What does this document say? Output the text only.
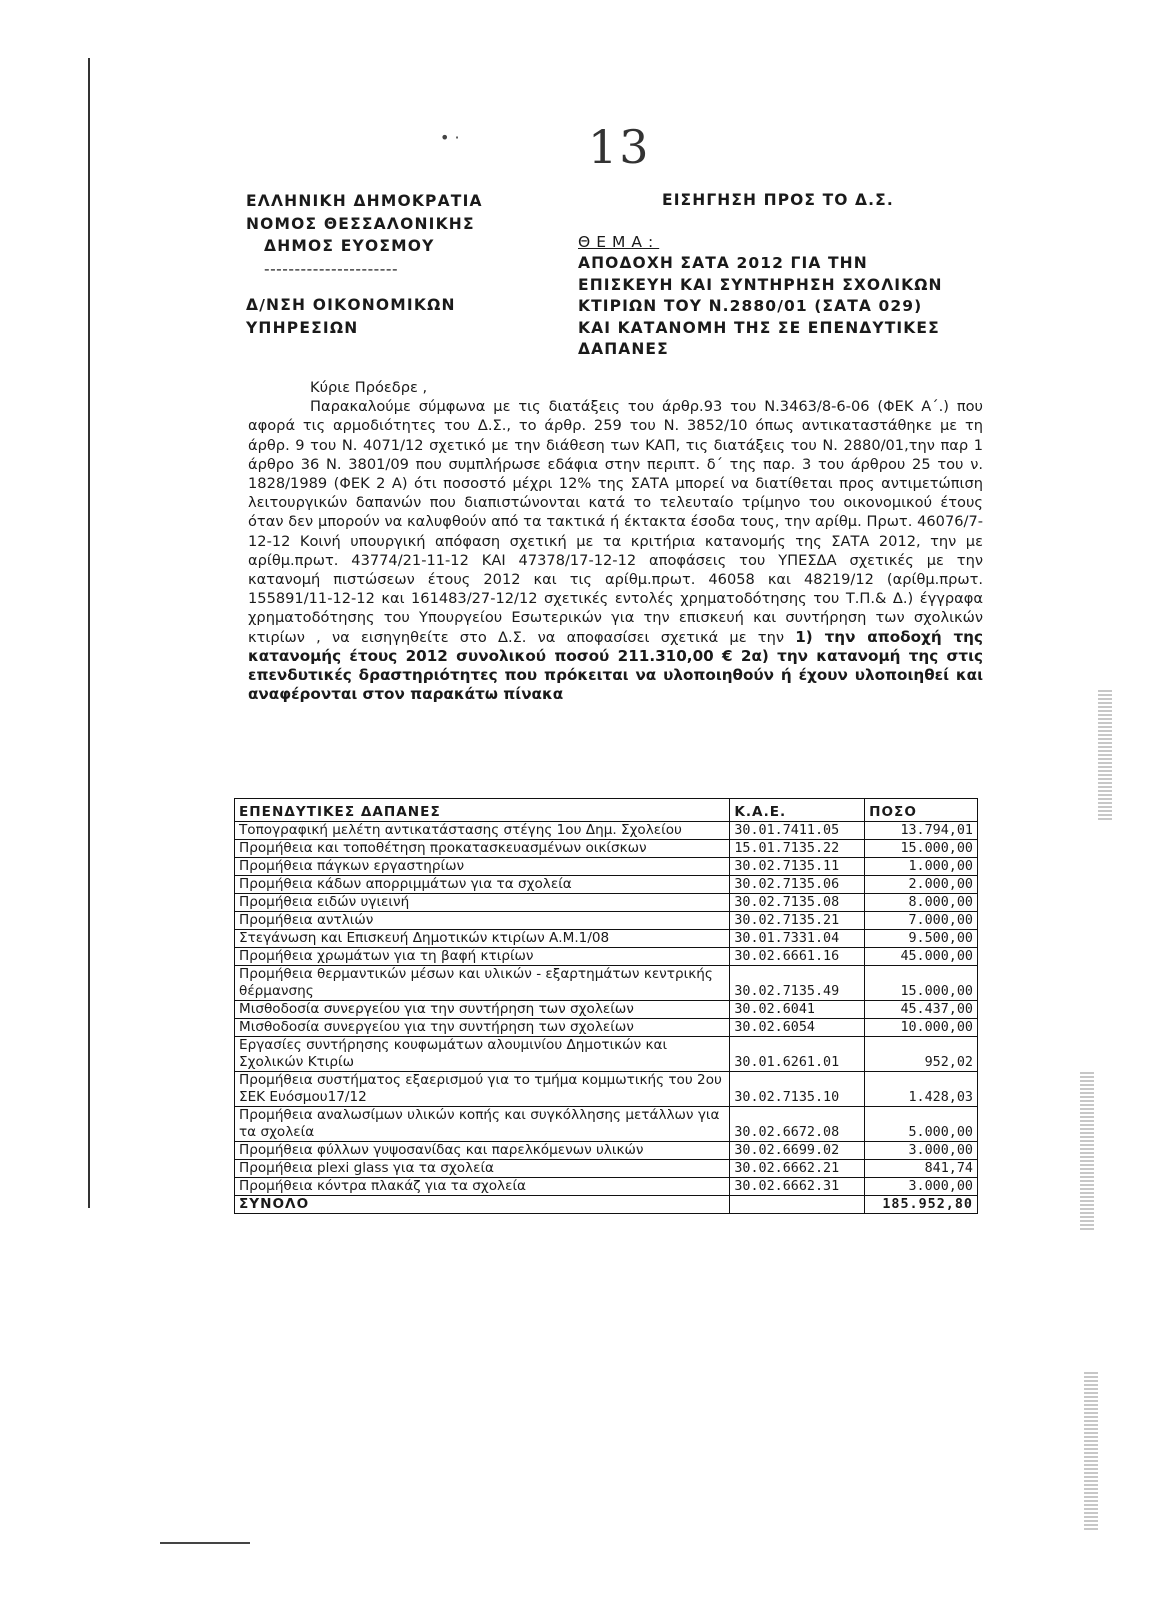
• ·	13
ΕΛΛΗΝΙΚΗ ΔΗΜΟΚΡΑΤΙΑ
ΝΟΜΟΣ ΘΕΣΣΑΛΟΝΙΚΗΣ
ΔΗΜΟΣ ΕΥΟΣΜΟΥ
----------------------
Δ/ΝΣΗ ΟΙΚΟΝΟΜΙΚΩΝ
ΥΠΗΡΕΣΙΩΝ
ΕΙΣΗΓΗΣΗ ΠΡΟΣ ΤΟ Δ.Σ.
ΘΕΜΑ:
ΑΠΟΔΟΧΗ ΣΑΤΑ 2012 ΓΙΑ ΤΗΝ
ΕΠΙΣΚΕΥΗ ΚΑΙ ΣΥΝΤΗΡΗΣΗ ΣΧΟΛΙΚΩΝ
ΚΤΙΡΙΩΝ ΤΟΥ Ν.2880/01 (ΣΑΤΑ 029)
ΚΑΙ ΚΑΤΑΝΟΜΗ ΤΗΣ ΣΕ ΕΠΕΝΔΥΤΙΚΕΣ
ΔΑΠΑΝΕΣ
Κύριε Πρόεδρε ,

Παρακαλούμε σύμφωνα με τις διατάξεις του άρθρ.93 του Ν.3463/8-6-06 (ΦΕΚ Α΄.) που αφορά τις αρμοδιότητες του Δ.Σ., το άρθρ. 259 του Ν. 3852/10 όπως αντικαταστάθηκε με τη άρθρ. 9 του Ν. 4071/12 σχετικό με την διάθεση των ΚΑΠ, τις διατάξεις του Ν. 2880/01,την παρ 1 άρθρο 36 Ν. 3801/09 που συμπλήρωσε εδάφια στην περιπτ. δ΄ της παρ. 3 του άρθρου 25 του ν. 1828/1989 (ΦΕΚ 2 Α) ότι ποσοστό μέχρι 12% της ΣΑΤΑ μπορεί να διατίθεται προς αντιμετώπιση λειτουργικών δαπανών που διαπιστώνονται κατά το τελευταίο τρίμηνο του οικονομικού έτους όταν δεν μπορούν να καλυφθούν από τα τακτικά ή έκτακτα έσοδα τους, την αρίθμ. Πρωτ. 46076/7-12-12 Κοινή υπουργική απόφαση σχετική με τα κριτήρια κατανομής της ΣΑΤΑ 2012, την με αρίθμ.πρωτ. 43774/21-11-12 ΚΑΙ 47378/17-12-12 αποφάσεις του ΥΠΕΣΔΑ σχετικές με την κατανομή πιστώσεων έτους 2012 και τις αρίθμ.πρωτ. 46058 και 48219/12 (αρίθμ.πρωτ. 155891/11-12-12 και 161483/27-12/12 σχετικές εντολές χρηματοδότησης του Τ.Π.& Δ.) έγγραφα χρηματοδότησης του Υπουργείου Εσωτερικών για την επισκευή και συντήρηση των σχολικών κτιρίων , να εισηγηθείτε στο Δ.Σ. να αποφασίσει σχετικά με την 1) την αποδοχή της κατανομής έτους 2012 συνολικού ποσού 211.310,00 € 2α) την κατανομή της στις επενδυτικές δραστηριότητες που πρόκειται να υλοποιηθούν ή έχουν υλοποιηθεί και αναφέρονται στον παρακάτω πίνακα

ΕΠΕΝΔΥΤΙΚΕΣ ΔΑΠΑΝΕΣ	Κ.Α.Ε.	ΠΟΣΟ
Τοπογραφική μελέτη αντικατάστασης στέγης 1ου Δημ. Σχολείου	30.01.7411.05	13.794,01
Προμήθεια και τοποθέτηση προκατασκευασμένων οικίσκων	15.01.7135.22	15.000,00
Προμήθεια πάγκων εργαστηρίων	30.02.7135.11	1.000,00
Προμήθεια κάδων απορριμμάτων για τα σχολεία	30.02.7135.06	2.000,00
Προμήθεια ειδών υγιεινή	30.02.7135.08	8.000,00
Προμήθεια αντλιών	30.02.7135.21	7.000,00
Στεγάνωση και Επισκευή Δημοτικών κτιρίων Α.Μ.1/08	30.01.7331.04	9.500,00
Προμήθεια χρωμάτων για τη βαφή κτιρίων	30.02.6661.16	45.000,00
Προμήθεια θερμαντικών μέσων και υλικών - εξαρτημάτων κεντρικής θέρμανσης	30.02.7135.49	15.000,00
Μισθοδοσία συνεργείου για την συντήρηση των σχολείων	30.02.6041	45.437,00
Μισθοδοσία συνεργείου για την συντήρηση των σχολείων	30.02.6054	10.000,00
Εργασίες συντήρησης κουφωμάτων αλουμινίου Δημοτικών και Σχολικών Κτιρίω	30.01.6261.01	952,02
Προμήθεια συστήματος εξαερισμού για το τμήμα κομμωτικής του 2ου ΣΕΚ Ευόσμου17/12	30.02.7135.10	1.428,03
Προμήθεια αναλωσίμων υλικών κοπής και συγκόλλησης μετάλλων για τα σχολεία	30.02.6672.08	5.000,00
Προμήθεια φύλλων γυψοσανίδας και παρελκόμενων υλικών	30.02.6699.02	3.000,00
Προμήθεια plexi glass για τα σχολεία	30.02.6662.21	841,74
Προμήθεια κόντρα πλακάζ για τα σχολεία	30.02.6662.31	3.000,00
ΣΥΝΟΛΟ		185.952,80
